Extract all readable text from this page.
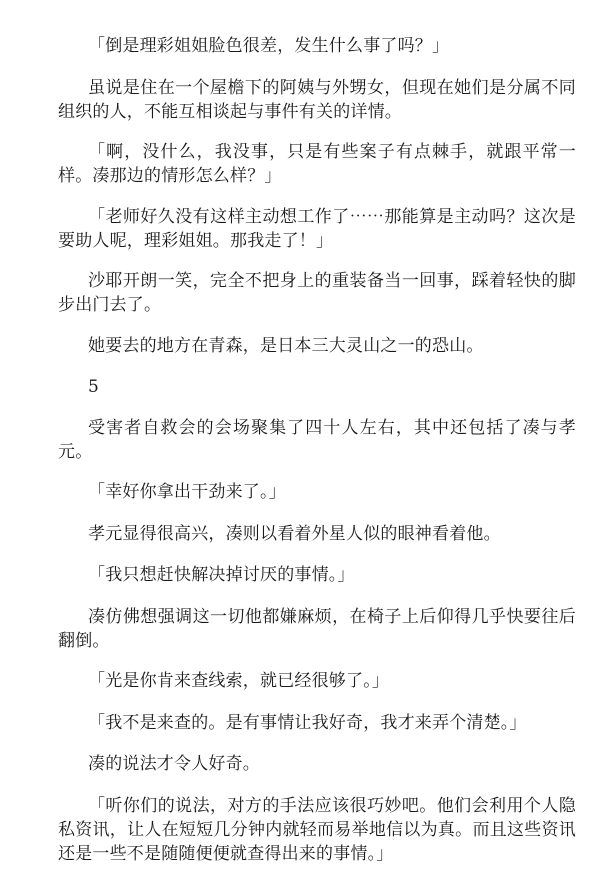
「倒是理彩姐姐脸色很差，发生什么事了吗？」

虽说是住在一个屋檐下的阿姨与外甥女，但现在她们是分属不同组织的人，不能互相谈起与事件有关的详情。

「啊，没什么，我没事，只是有些案子有点棘手，就跟平常一样。凑那边的情形怎么样？」

「老师好久没有这样主动想工作了⋯⋯那能算是主动吗？这次是要助人呢，理彩姐姐。那我走了！」

沙耶开朗一笑，完全不把身上的重装备当一回事，踩着轻快的脚步出门去了。

她要去的地方在青森，是日本三大灵山之一的恐山。

5

受害者自救会的会场聚集了四十人左右，其中还包括了凑与孝元。

「幸好你拿出干劲来了。」

孝元显得很高兴，凑则以看着外星人似的眼神看着他。

「我只想赶快解决掉讨厌的事情。」

凑仿佛想强调这一切他都嫌麻烦，在椅子上后仰得几乎快要往后翻倒。

「光是你肯来查线索，就已经很够了。」

「我不是来查的。是有事情让我好奇，我才来弄个清楚。」

凑的说法才令人好奇。

「听你们的说法，对方的手法应该很巧妙吧。他们会利用个人隐私资讯，让人在短短几分钟内就轻而易举地信以为真。而且这些资讯还是一些不是随随便便就查得出来的事情。」
